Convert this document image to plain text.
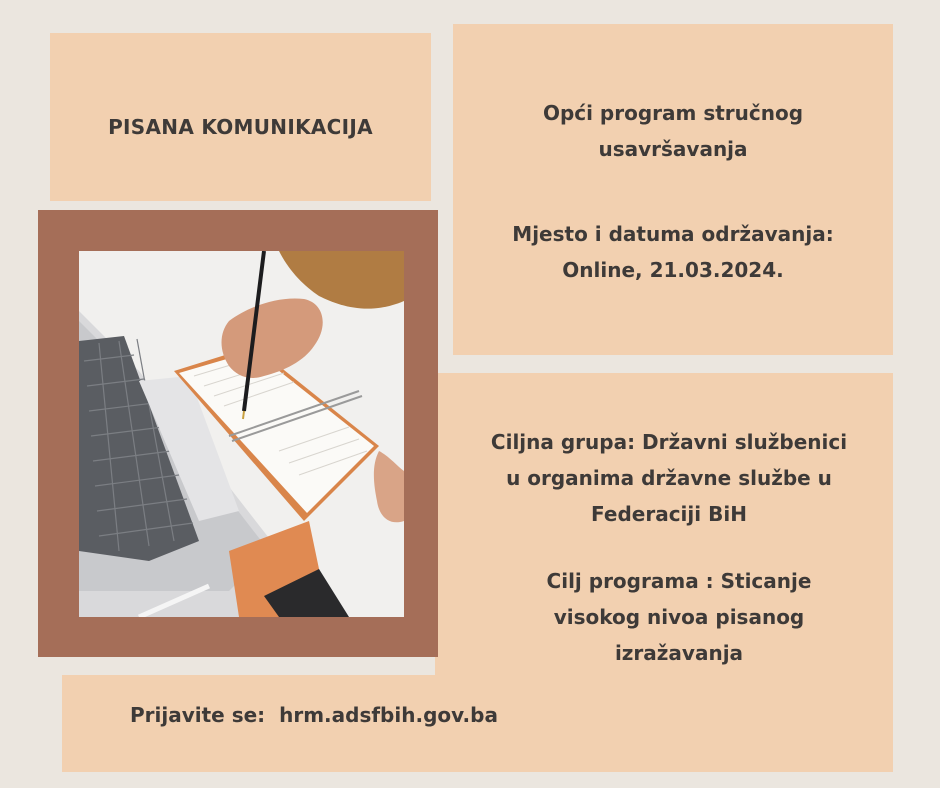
PISANA KOMUNIKACIJA
Opći program stručnog
usavršavanja
Mjesto i datuma održavanja:
Online, 21.03.2024.
Ciljna grupa: Državni službenici
u organima državne službe u
Federaciji BiH
Cilj programa : Sticanje
visokog nivoa pisanog
izražavanja
Prijavite se:  hrm.adsfbih.gov.ba
